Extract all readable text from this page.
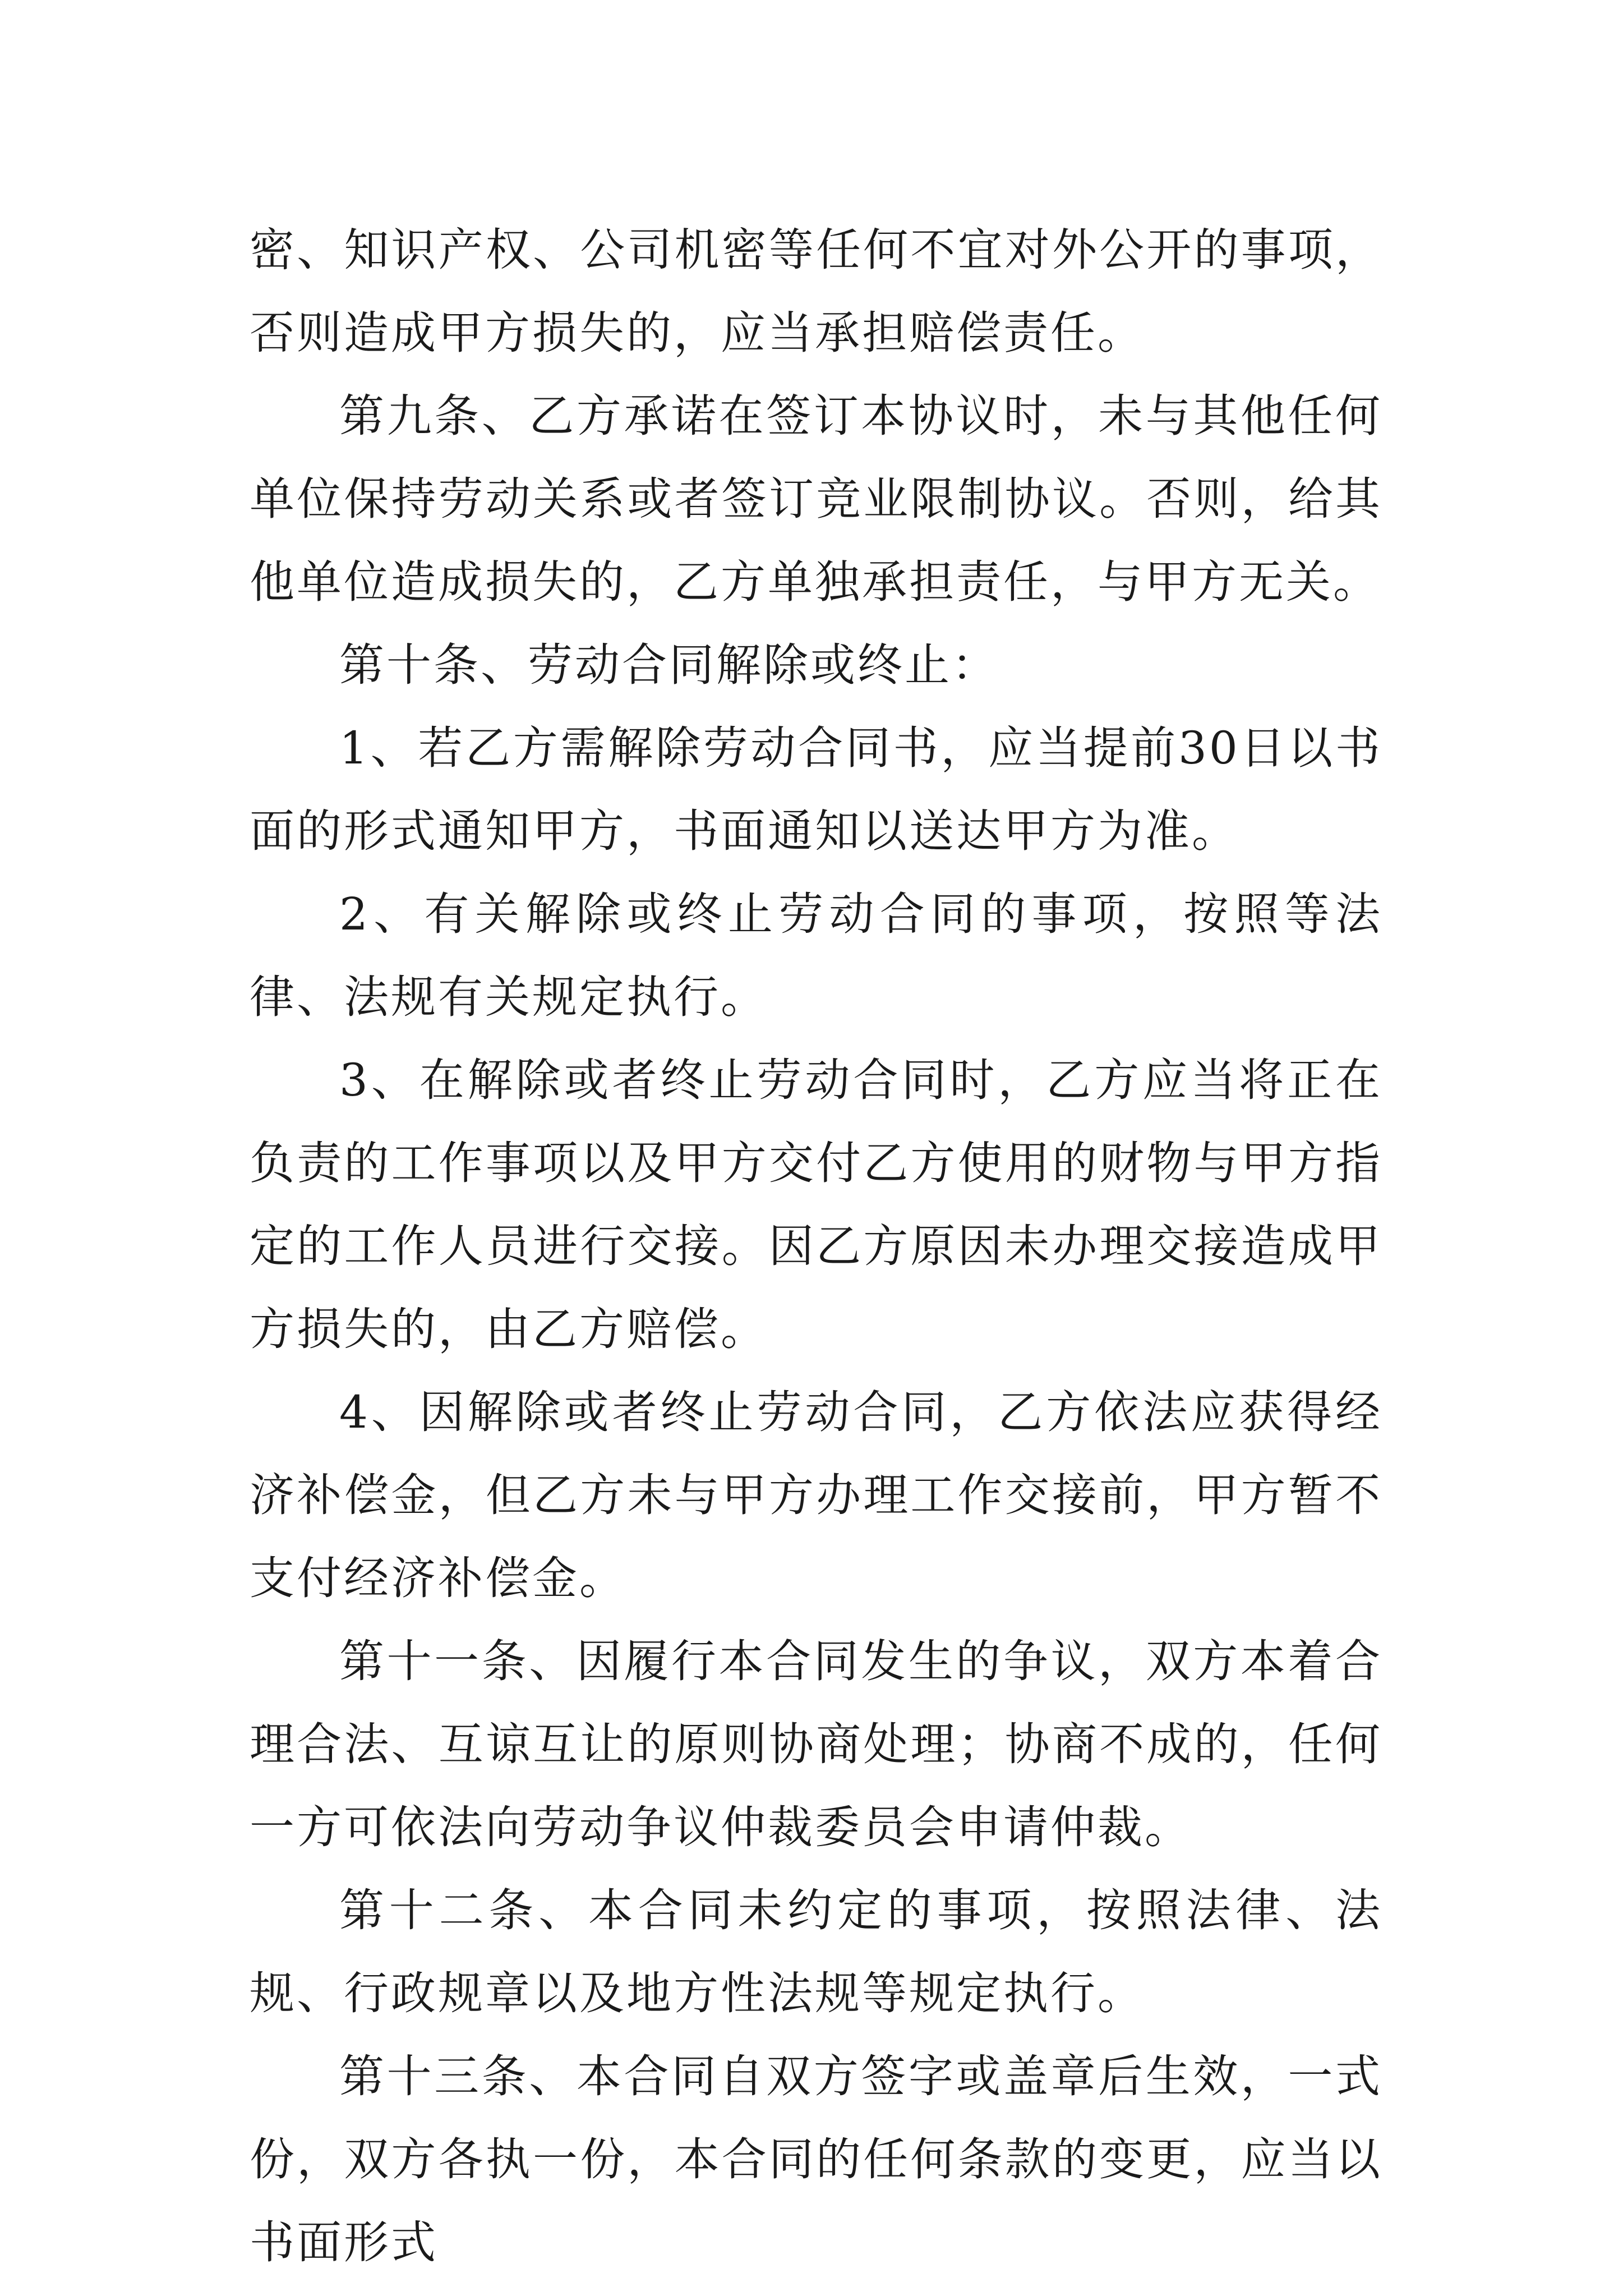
密、知识产权、公司机密等任何不宜对外公开的事项，否则造成甲方损失的，应当承担赔偿责任。

第九条、乙方承诺在签订本协议时，未与其他任何单位保持劳动关系或者签订竞业限制协议。否则，给其他单位造成损失的，乙方单独承担责任，与甲方无关。

第十条、劳动合同解除或终止：

1、若乙方需解除劳动合同书，应当提前30日以书面的形式通知甲方，书面通知以送达甲方为准。

2、有关解除或终止劳动合同的事项，按照等法律、法规有关规定执行。

3、在解除或者终止劳动合同时，乙方应当将正在负责的工作事项以及甲方交付乙方使用的财物与甲方指定的工作人员进行交接。因乙方原因未办理交接造成甲方损失的，由乙方赔偿。

4、因解除或者终止劳动合同，乙方依法应获得经济补偿金，但乙方未与甲方办理工作交接前，甲方暂不支付经济补偿金。

第十一条、因履行本合同发生的争议，双方本着合理合法、互谅互让的原则协商处理；协商不成的，任何一方可依法向劳动争议仲裁委员会申请仲裁。

第十二条、本合同未约定的事项，按照法律、法规、行政规章以及地方性法规等规定执行。

第十三条、本合同自双方签字或盖章后生效，一式份，双方各执一份，本合同的任何条款的变更，应当以书面形式
